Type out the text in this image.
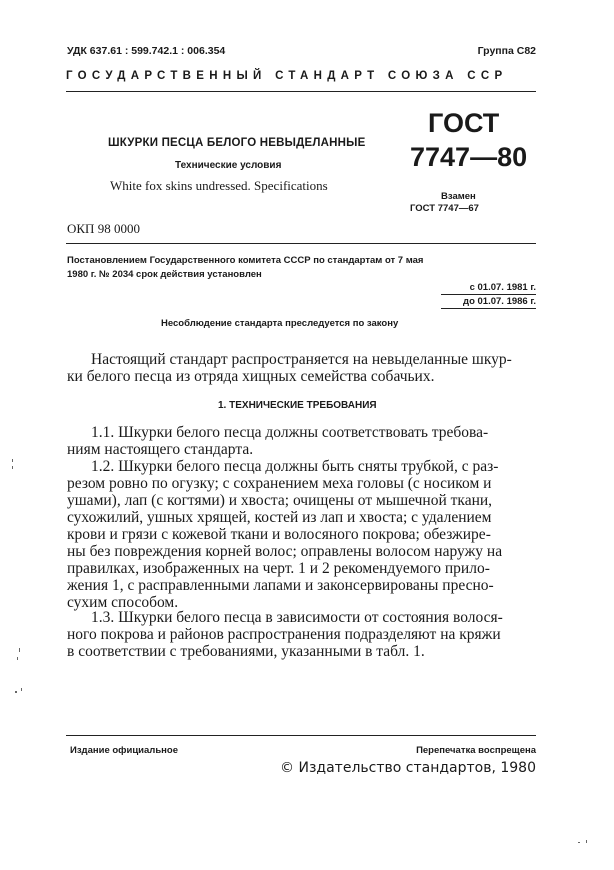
УДК 637.61 : 599.742.1 : 006.354	Группа С82
ГОСУДАРСТВЕННЫЙ СТАНДАРТ СОЮЗА ССР
ШКУРКИ ПЕСЦА БЕЛОГО НЕВЫДЕЛАННЫЕ
Технические условия
White fox skins undressed. Specifications
ГОСТ
7747—80
Взамен
ГОСТ 7747—67
ОКП 98 0000
Постановлением Государственного комитета СССР по стандартам от 7 мая
1980 г. № 2034 срок действия установлен
с 01.07. 1981 г.
до 01.07. 1986 г.
Несоблюдение стандарта преследуется по закону
Настоящий стандарт распространяется на невыделанные шкур-
ки белого песца из отряда хищных семейства собачьих.
1. ТЕХНИЧЕСКИЕ ТРЕБОВАНИЯ
1.1. Шкурки белого песца должны соответствовать требова-
ниям настоящего стандарта.
1.2. Шкурки белого песца должны быть сняты трубкой, с раз-
резом ровно по огузку; с сохранением меха головы (с носиком и
ушами), лап (с когтями) и хвоста; очищены от мышечной ткани,
сухожилий, ушных хрящей, костей из лап и хвоста; с удалением
крови и грязи с кожевой ткани и волосяного покрова; обезжире-
ны без повреждения корней волос; оправлены волосом наружу на
правилках, изображенных на черт. 1 и 2 рекомендуемого прило-
жения 1, с расправленными лапами и законсервированы пресно-
сухим способом.
1.3. Шкурки белого песца в зависимости от состояния волося-
ного покрова и районов распространения подразделяют на кряжи
в соответствии с требованиями, указанными в табл. 1.
Издание официальное	Перепечатка воспрещена
© Издательство стандартов, 1980
